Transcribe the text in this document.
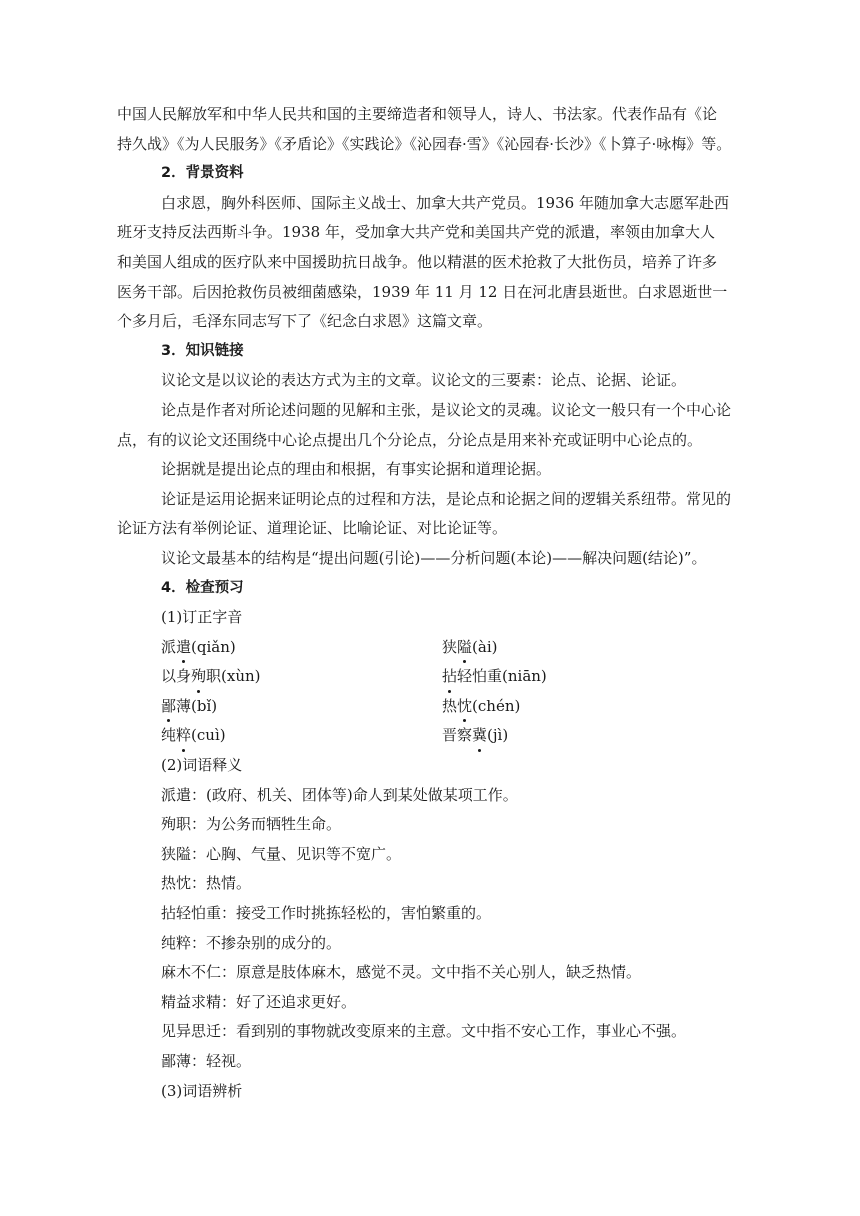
中国人民解放军和中华人民共和国的主要缔造者和领导人，诗人、书法家。代表作品有《论
持久战》《为人民服务》《矛盾论》《实践论》《沁园春·雪》《沁园春·长沙》《卜算子·咏梅》等。
2．背景资料
白求恩，胸外科医师、国际主义战士、加拿大共产党员。1936 年随加拿大志愿军赴西
班牙支持反法西斯斗争。1938 年，受加拿大共产党和美国共产党的派遣，率领由加拿大人
和美国人组成的医疗队来中国援助抗日战争。他以精湛的医术抢救了大批伤员，培养了许多
医务干部。后因抢救伤员被细菌感染，1939 年 11 月 12 日在河北唐县逝世。白求恩逝世一
个多月后，毛泽东同志写下了《纪念白求恩》这篇文章。
3．知识链接
议论文是以议论的表达方式为主的文章。议论文的三要素：论点、论据、论证。
论点是作者对所论述问题的见解和主张，是议论文的灵魂。议论文一般只有一个中心论
点，有的议论文还围绕中心论点提出几个分论点，分论点是用来补充或证明中心论点的。
论据就是提出论点的理由和根据，有事实论据和道理论据。
论证是运用论据来证明论点的过程和方法，是论点和论据之间的逻辑关系纽带。常见的
论证方法有举例论证、道理论证、比喻论证、对比论证等。
议论文最基本的结构是“提出问题(引论)——分析问题(本论)——解决问题(结论)”。
4．检查预习
(1)订正字音
派遣(qiǎn)	狭隘(ài)
以身殉职(xùn)	拈轻怕重(niān)
鄙薄(bǐ)	热忱(chén)
纯粹(cuì)	晋察冀(jì)
(2)词语释义
派遣：(政府、机关、团体等)命人到某处做某项工作。
殉职：为公务而牺牲生命。
狭隘：心胸、气量、见识等不宽广。
热忱：热情。
拈轻怕重：接受工作时挑拣轻松的，害怕繁重的。
纯粹：不掺杂别的成分的。
麻木不仁：原意是肢体麻木，感觉不灵。文中指不关心别人，缺乏热情。
精益求精：好了还追求更好。
见异思迁：看到别的事物就改变原来的主意。文中指不安心工作，事业心不强。
鄙薄：轻视。
(3)词语辨析
